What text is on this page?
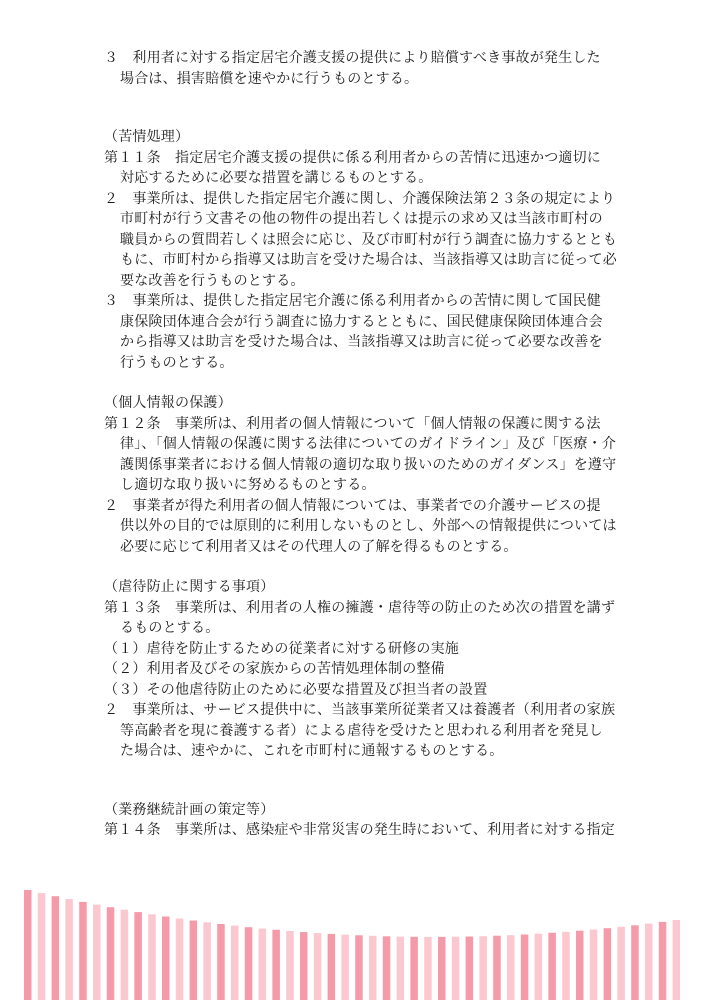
３　利用者に対する指定居宅介護支援の提供により賠償すべき事故が発生した
場合は、損害賠償を速やかに行うものとする。
（苦情処理）
第１１条　指定居宅介護支援の提供に係る利用者からの苦情に迅速かつ適切に
対応するために必要な措置を講じるものとする。
２　事業所は、提供した指定居宅介護に関し、介護保険法第２３条の規定により
市町村が行う文書その他の物件の提出若しくは提示の求め又は当該市町村の
職員からの質問若しくは照会に応じ、及び市町村が行う調査に協力するととも
もに、市町村から指導又は助言を受けた場合は、当該指導又は助言に従って必
要な改善を行うものとする。
３　事業所は、提供した指定居宅介護に係る利用者からの苦情に関して国民健
康保険団体連合会が行う調査に協力するとともに、国民健康保険団体連合会
から指導又は助言を受けた場合は、当該指導又は助言に従って必要な改善を
行うものとする。
（個人情報の保護）
第１２条　事業所は、利用者の個人情報について「個人情報の保護に関する法
律」、「個人情報の保護に関する法律についてのガイドライン」及び「医療・介
護関係事業者における個人情報の適切な取り扱いのためのガイダンス」を遵守
し適切な取り扱いに努めるものとする。
２　事業者が得た利用者の個人情報については、事業者での介護サービスの提
供以外の目的では原則的に利用しないものとし、外部への情報提供については
必要に応じて利用者又はその代理人の了解を得るものとする。
（虐待防止に関する事項）
第１３条　事業所は、利用者の人権の擁護・虐待等の防止のため次の措置を講ず
るものとする。
（１）虐待を防止するための従業者に対する研修の実施
（２）利用者及びその家族からの苦情処理体制の整備
（３）その他虐待防止のために必要な措置及び担当者の設置
２　事業所は、サービス提供中に、当該事業所従業者又は養護者（利用者の家族
等高齢者を現に養護する者）による虐待を受けたと思われる利用者を発見し
た場合は、速やかに、これを市町村に通報するものとする。
（業務継続計画の策定等）
第１４条　事業所は、感染症や非常災害の発生時において、利用者に対する指定
